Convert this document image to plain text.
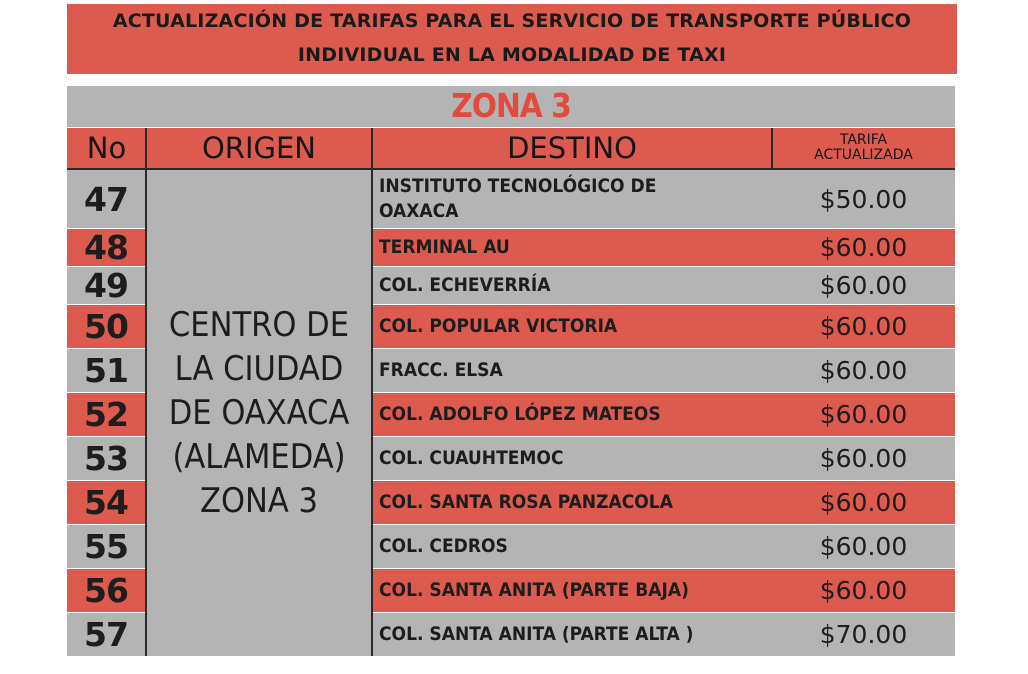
ACTUALIZACIÓN DE TARIFAS PARA EL SERVICIO DE TRANSPORTE PÚBLICO
INDIVIDUAL EN LA MODALIDAD DE TAXI
ZONA 3
No	ORIGEN	DESTINO	TARIFA
ACTUALIZADA
CENTRO DE
LA CIUDAD
DE OAXACA
(ALAMEDA)
ZONA 3
47	INSTITUTO TECNOLÓGICO DE
OAXACA	$50.00
48	TERMINAL AU	$60.00
49	COL. ECHEVERRÍA	$60.00
50	COL. POPULAR VICTORIA	$60.00
51	FRACC. ELSA	$60.00
52	COL. ADOLFO LÓPEZ MATEOS	$60.00
53	COL. CUAUHTEMOC	$60.00
54	COL. SANTA ROSA PANZACOLA	$60.00
55	COL. CEDROS	$60.00
56	COL. SANTA ANITA (PARTE BAJA)	$60.00
57	COL. SANTA ANITA (PARTE ALTA )	$70.00
